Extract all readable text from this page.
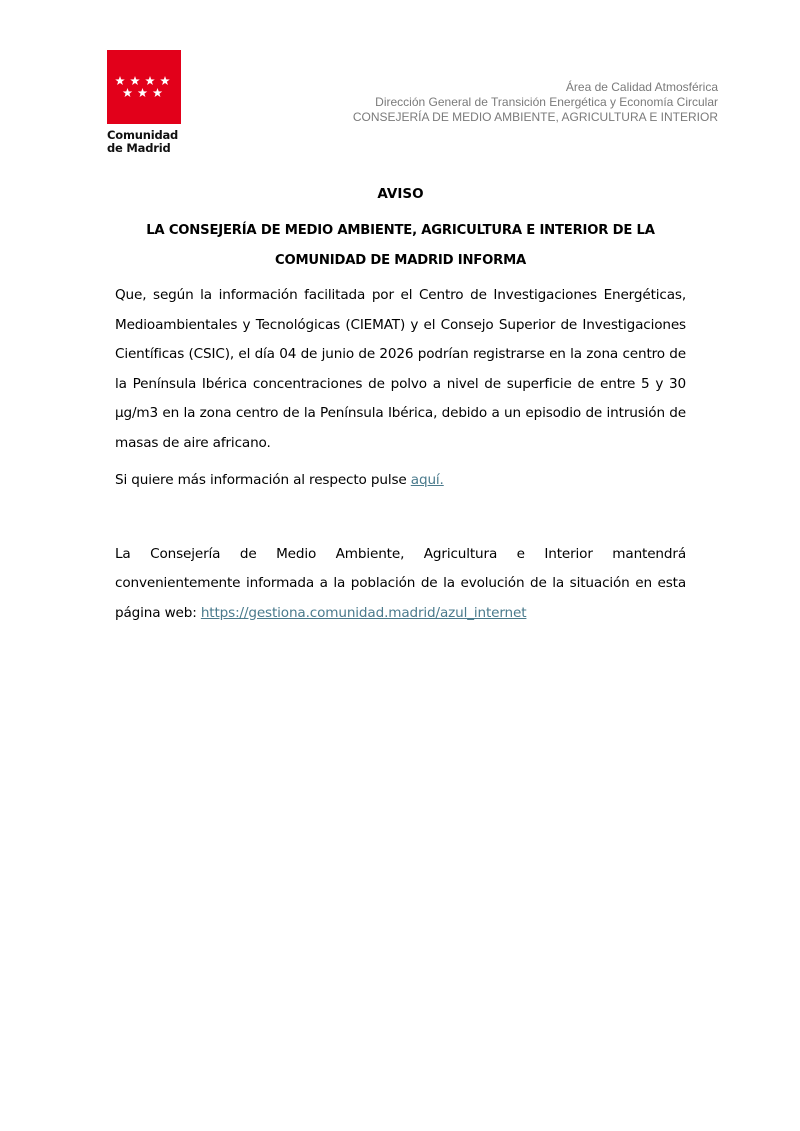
Comunidad
de Madrid
Área de Calidad Atmosférica
Dirección General de Transición Energética y Economía Circular
CONSEJERÍA DE MEDIO AMBIENTE, AGRICULTURA E INTERIOR

AVISO

LA CONSEJERÍA DE MEDIO AMBIENTE, AGRICULTURA E INTERIOR DE LA
COMUNIDAD DE MADRID INFORMA

Que, según la información facilitada por el Centro de Investigaciones Energéticas, Medioambientales y Tecnológicas (CIEMAT) y el Consejo Superior de Investigaciones Científicas (CSIC), el día 04 de junio de 2026 podrían registrarse en la zona centro de la Península Ibérica concentraciones de polvo a nivel de superficie de entre 5 y 30 µg/m3 en la zona centro de la Península Ibérica, debido a un episodio de intrusión de masas de aire africano.

Si quiere más información al respecto pulse aquí.

La Consejería de Medio Ambiente, Agricultura e Interior mantendrá convenientemente informada a la población de la evolución de la situación en esta página web: https://gestiona.comunidad.madrid/azul_internet
